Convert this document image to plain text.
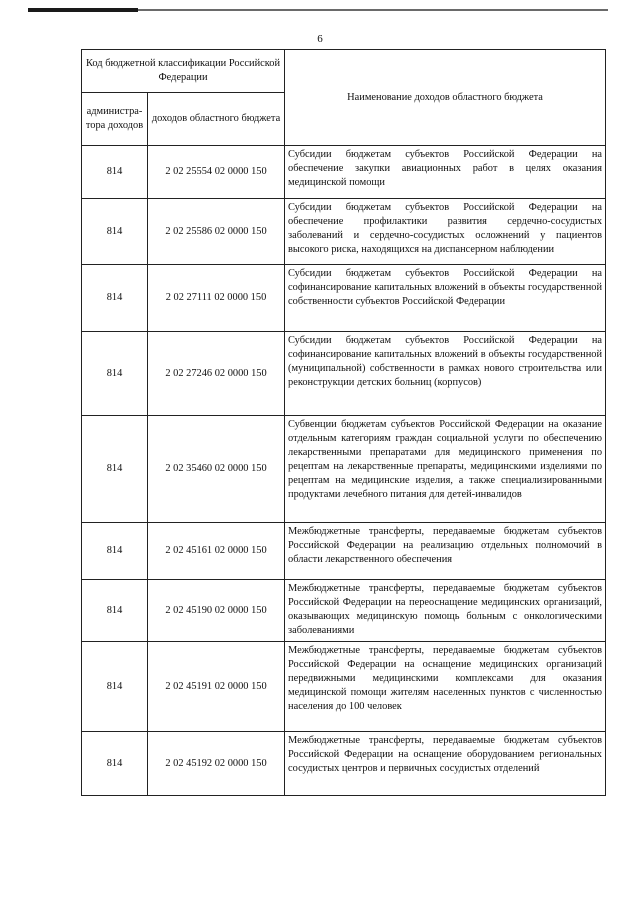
6
Код бюджетной классификации Российской Федерации		Наименование доходов областного бюджета
администра-тора доходов	доходов областного бюджета	
814	2 02 25554 02 0000 150	Субсидии бюджетам субъектов Российской Федерации на обеспечение закупки авиационных работ в целях оказания медицинской помощи
814	2 02 25586 02 0000 150	Субсидии бюджетам субъектов Российской Федерации на обеспечение профилактики развития сердечно-сосудистых заболеваний и сердечно-сосудистых осложнений у пациентов высокого риска, находящихся на диспансерном наблюдении
814	2 02 27111 02 0000 150	Субсидии бюджетам субъектов Российской Федерации на софинансирование капитальных вложений в объекты государственной собственности субъектов Российской Федерации
814	2 02 27246 02 0000 150	Субсидии бюджетам субъектов Российской Федерации на софинансирование капитальных вложений в объекты государственной (муниципальной) собственности в рамках нового строительства или реконструкции детских больниц (корпусов)
814	2 02 35460 02 0000 150	Субвенции бюджетам субъектов Российской Федерации на оказание отдельным категориям граждан социальной услуги по обеспечению лекарственными препаратами для медицинского применения по рецептам на лекарственные препараты, медицинскими изделиями по рецептам на медицинские изделия, а также специализированными продуктами лечебного питания для детей-инвалидов
814	2 02 45161 02 0000 150	Межбюджетные трансферты, передаваемые бюджетам субъектов Российской Федерации на реализацию отдельных полномочий в области лекарственного обеспечения
814	2 02 45190 02 0000 150	Межбюджетные трансферты, передаваемые бюджетам субъектов Российской Федерации на переоснащение медицинских организаций, оказывающих медицинскую помощь больным с онкологическими заболеваниями
814	2 02 45191 02 0000 150	Межбюджетные трансферты, передаваемые бюджетам субъектов Российской Федерации на оснащение медицинских организаций передвижными медицинскими комплексами для оказания медицинской помощи жителям населенных пунктов с численностью населения до 100 человек
814	2 02 45192 02 0000 150	Межбюджетные трансферты, передаваемые бюджетам субъектов Российской Федерации на оснащение оборудованием региональных сосудистых центров и первичных сосудистых отделений
